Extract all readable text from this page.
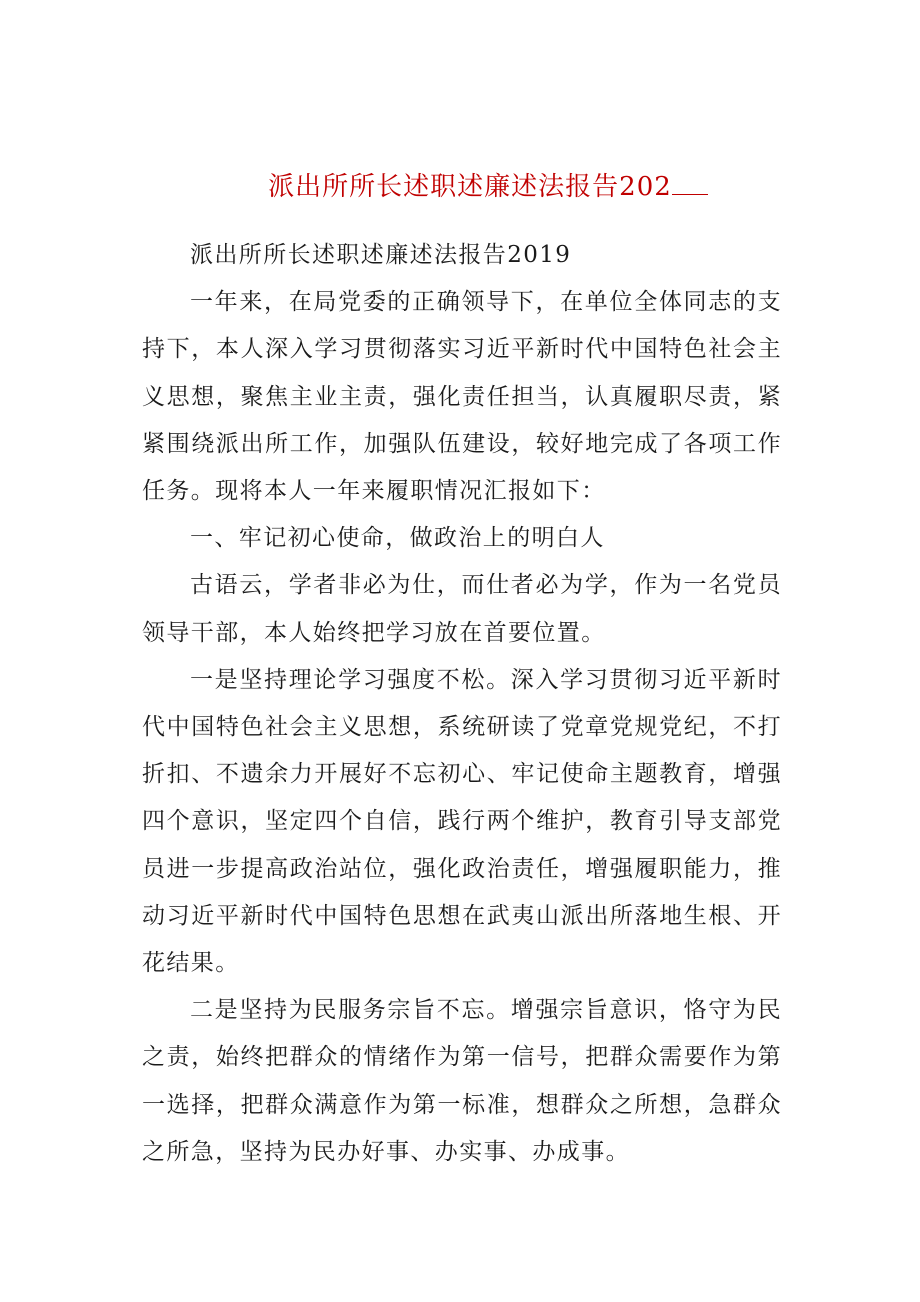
派出所所长述职述廉述法报告202

派出所所长述职述廉述法报告2019

一年来，在局党委的正确领导下，在单位全体同志的支持下，本人深入学习贯彻落实习近平新时代中国特色社会主义思想，聚焦主业主责，强化责任担当，认真履职尽责，紧紧围绕派出所工作，加强队伍建设，较好地完成了各项工作任务。现将本人一年来履职情况汇报如下：

一、牢记初心使命，做政治上的明白人

古语云，学者非必为仕，而仕者必为学，作为一名党员领导干部，本人始终把学习放在首要位置。

一是坚持理论学习强度不松。深入学习贯彻习近平新时代中国特色社会主义思想，系统研读了党章党规党纪，不打折扣、不遗余力开展好不忘初心、牢记使命主题教育，增强四个意识，坚定四个自信，践行两个维护，教育引导支部党员进一步提高政治站位，强化政治责任，增强履职能力，推动习近平新时代中国特色思想在武夷山派出所落地生根、开花结果。

二是坚持为民服务宗旨不忘。增强宗旨意识，恪守为民之责，始终把群众的情绪作为第一信号，把群众需要作为第一选择，把群众满意作为第一标准，想群众之所想，急群众之所急，坚持为民办好事、办实事、办成事。
